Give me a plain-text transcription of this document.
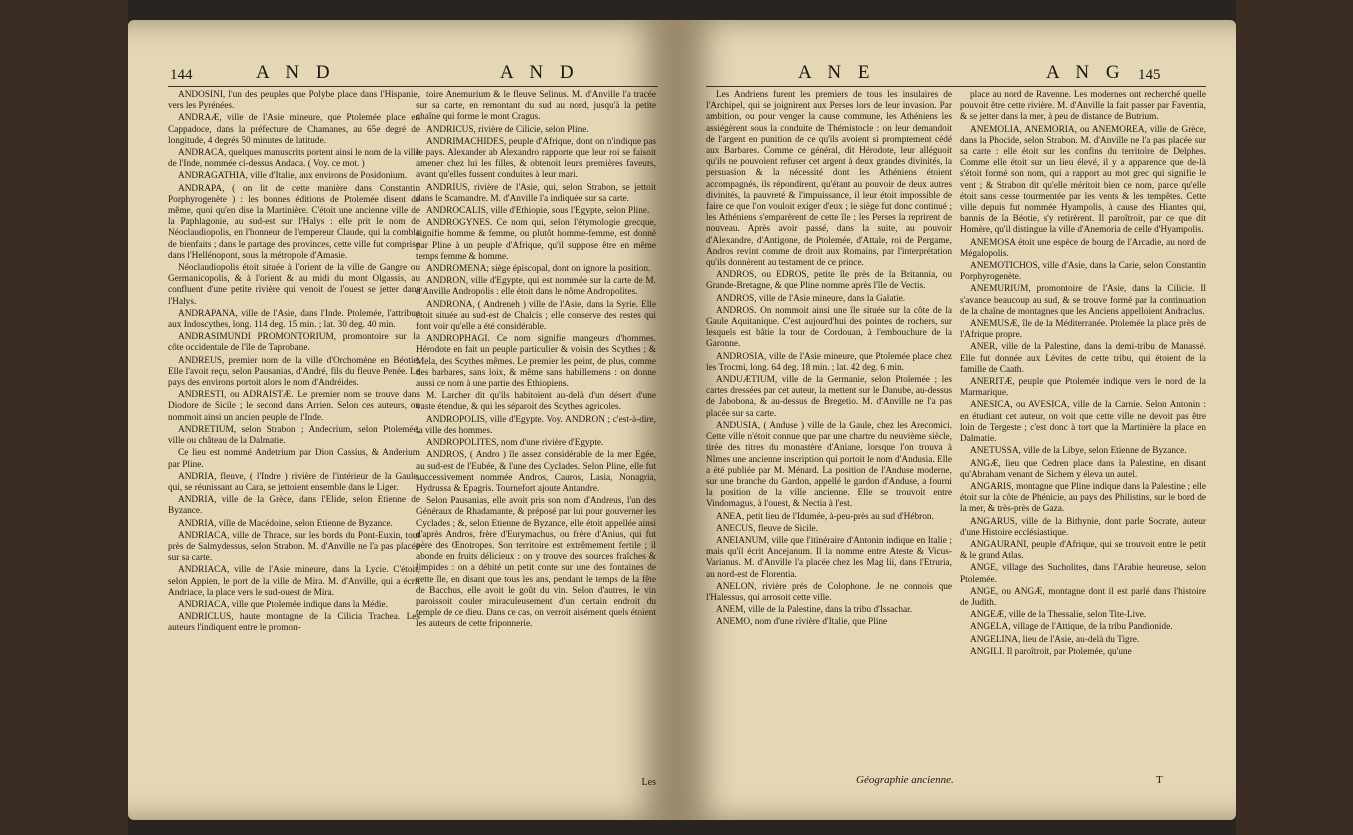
144	A N D	A N D

ANDOSINI, l'un des peuples que Polybe place dans l'Hispanie, vers les Pyrénées.

ANDRAÆ, ville de l'Asie mineure, que Ptolemée place en Cappadoce, dans la préfecture de Chamanes, au 65e degré de longitude, 4 degrés 50 minutes de latitude.

ANDRACA, quelques manuscrits portent ainsi le nom de la ville de l'Inde, nommée ci-dessus Andaca. ( Voy. ce mot. )

ANDRAGATHIA, ville d'Italie, aux environs de Posidonium.

ANDRAPA, ( on lit de cette manière dans Constantin Porphyrogenète ) : les bonnes éditions de Ptolemée disent de même, quoi qu'en dise la Martinière. C'étoit une ancienne ville de la Paphlagonie, au sud-est sur l'Halys : elle prit le nom de Néoclaudiopolis, en l'honneur de l'empereur Claude, qui la combla de bienfaits ; dans le partage des provinces, cette ville fut comprise dans l'Hellénopont, sous la métropole d'Amasie.

Néoclaudiopolis étoit située à l'orient de la ville de Gangre ou Germanicopolis, & à l'orient & au midi du mont Olgassis, au confluent d'une petite rivière qui venoit de l'ouest se jetter dans l'Halys.

ANDRAPANA, ville de l'Asie, dans l'Inde. Ptolemée, l'attribue aux Indoscythes, long. 114 deg. 15 min. ; lat. 30 deg. 40 min.

ANDRASIMUNDI PROMONTORIUM, promontoire sur la côte occidentale de l'île de Taprobane.

ANDREUS, premier nom de la ville d'Orchomène en Béotie. Elle l'avoit reçu, selon Pausanias, d'André, fils du fleuve Penée. Le pays des environs portoit alors le nom d'Andréides.

ANDRESTI, ou ADRAISTÆ. Le premier nom se trouve dans Diodore de Sicile ; le second dans Arrien. Selon ces auteurs, on nommoit ainsi un ancien peuple de l'Inde.

ANDRETIUM, selon Strabon ; Andecrium, selon Ptolemée, ville ou château de la Dalmatie.

Ce lieu est nommé Andetrium par Dion Cassius, & Anderium par Pline.

ANDRIA, fleuve, ( l'Indre ) rivière de l'intérieur de la Gaule, qui, se réunissant au Cara, se jettoient ensemble dans le Liger.

ANDRIA, ville de la Grèce, dans l'Elide, selon Etienne de Byzance.

ANDRIA, ville de Macédoine, selon Etienne de Byzance.

ANDRIACA, ville de Thrace, sur les bords du Pont-Euxin, tout près de Salmydessus, selon Strabon. M. d'Anville ne l'a pas placée sur sa carte.

ANDRIACA, ville de l'Asie mineure, dans la Lycie. C'étoit, selon Appien, le port de la ville de Mira. M. d'Anville, qui a écrit Andriace, la place vers le sud-ouest de Mira.

ANDRIACA, ville que Ptolemée indique dans la Médie.

ANDRICLUS, haute montagne de la Cilicia Trachea. Les auteurs l'indiquent entre le promon-

toire Anemurium & le fleuve Selinus. M. d'Anville l'a tracée sur sa carte, en remontant du sud au nord, jusqu'à la petite chaîne qui forme le mont Cragus.

ANDRICUS, rivière de Cilicie, selon Pline.

ANDRIMACHIDES, peuple d'Afrique, dont on n'indique pas le pays. Alexander ab Alexandro rapporte que leur roi se faisoit amener chez lui les filles, & obtenoit leurs premières faveurs, avant qu'elles fussent conduites à leur mari.

ANDRIUS, rivière de l'Asie, qui, selon Strabon, se jettoit dans le Scamandre. M. d'Anville l'a indiquée sur sa carte.

ANDROCALIS, ville d'Ethiopie, sous l'Egypte, selon Pline.

ANDROGYNES. Ce nom qui, selon l'étymologie grecque, signifie homme & femme, ou plutôt homme-femme, est donné par Pline à un peuple d'Afrique, qu'il suppose être en même temps femme & homme.

ANDROMENA; siège épiscopal, dont on ignore la position.

ANDRON, ville d'Egypte, qui est nommée sur la carte de M. d'Anville Andropolis : elle étoit dans le nôme Andropolites.

ANDRONA, ( Andreneh ) ville de l'Asie, dans la Syrie. Elle étoit située au sud-est de Chalcis ; elle conserve des restes qui font voir qu'elle a été considérable.

ANDROPHAGI. Ce nom signifie mangeurs d'hommes. Hérodote en fait un peuple particulier & voisin des Scythes ; & Mela, des Scythes mêmes. Le premier les peint, de plus, comme des barbares, sans loix, & même sans habillemens : on donne aussi ce nom à une partie des Ethiopiens.

M. Larcher dit qu'ils habitoient au-delà d'un désert d'une vaste étendue, & qui les séparoit des Scythes agricoles.

ANDROPOLIS, ville d'Egypte. Voy. ANDRON ; c'est-à-dire, la ville des hommes.

ANDROPOLITES, nom d'une rivière d'Egypte.

ANDROS, ( Andro ) île assez considérable de la mer Egée, au sud-est de l'Eubée, & l'une des Cyclades. Selon Pline, elle fut successivement nommée Andros, Cauros, Lasia, Nonagria, Hydrussa & Epagris. Tournefort ajoute Antandre.

Selon Pausanias, elle avoit pris son nom d'Andreus, l'un des Généraux de Rhadamante, & préposé par lui pour gouverner les Cyclades ; &, selon Etienne de Byzance, elle étoit appellée ainsi d'après Andros, frère d'Eurymachus, ou frère d'Anius, qui fut père des Œnotropes. Son territoire est extrêmement fertile ; il abonde en fruits délicieux : on y trouve des sources fraîches & limpides : on a débité un petit conte sur une des fontaines de cette île, en disant que tous les ans, pendant le temps de la fête de Bacchus, elle avoit le goût du vin. Selon d'autres, le vin paroissoit couler miraculeusement d'un certain endroit du temple de ce dieu. Dans ce cas, on verroit aisément quels étoient les auteurs de cette friponnerie.

Les
A N E	A N G 145

Les Andriens furent les premiers de tous les insulaires de l'Archipel, qui se joignirent aux Perses lors de leur invasion. Par ambition, ou pour venger la cause commune, les Athéniens les assiégèrent sous la conduite de Thémistocle : on leur demandoit de l'argent en punition de ce qu'ils avoient si promptement cédé aux Barbares. Comme ce général, dit Hérodote, leur alléguoit qu'ils ne pouvoient refuser cet argent à deux grandes divinités, la persuasion & la nécessité dont les Athéniens étoient accompagnés, ils répondirent, qu'étant au pouvoir de deux autres divinités, la pauvreté & l'impuissance, il leur étoit impossible de faire ce que l'on vouloit exiger d'eux ; le siège fut donc continué ; les Athéniens s'emparèrent de cette île ; les Perses la reprirent de nouveau. Après avoir passé, dans la suite, au pouvoir d'Alexandre, d'Antigone, de Ptolemée, d'Attale, roi de Pergame, Andros revint comme de droit aux Romains, par l'interprétation qu'ils donnèrent au testament de ce prince.

ANDROS, ou EDROS, petite île près de la Britannia, ou Grande-Bretagne, & que Pline nomme après l'île de Vectis.

ANDROS, ville de l'Asie mineure, dans la Galatie.

ANDROS. On nommoit ainsi une île située sur la côte de la Gaule Aquitanique. C'est aujourd'hui des pointes de rochers, sur lesquels est bâtie la tour de Cordouan, à l'embouchure de la Garonne.

ANDROSIA, ville de l'Asie mineure, que Ptolemée place chez les Trocmi, long. 64 deg. 18 min. ; lat. 42 deg. 6 min.

ANDUÆTIUM, ville de la Germanie, selon Ptolemée ; les cartes dressées par cet auteur, la mettent sur le Danube, au-dessus de Jabobona, & au-dessus de Bregetio. M. d'Anville ne l'a pas placée sur sa carte.

ANDUSIA, ( Anduse ) ville de la Gaule, chez les Arecomici. Cette ville n'étoit connue que par une chartre du neuvième siècle, tirée des titres du monastère d'Aniane, lorsque l'on trouva à Nîmes une ancienne inscription qui portoit le nom d'Andusia. Elle a été publiée par M. Ménard. La position de l'Anduse moderne, sur une branche du Gardon, appellé le gardon d'Anduse, a fourni la position de la ville ancienne. Elle se trouvoit entre Vindomagus, à l'ouest, & Nectia à l'est.

ANEA, petit lieu de l'Idumée, à-peu-près au sud d'Hébron.

ANECUS, fleuve de Sicile.

ANEIANUM, ville que l'itinéraire d'Antonin indique en Italie ; mais qu'il écrit Ancejanum. Il la nomme entre Ateste & Vicus-Varianus. M. d'Anville l'a placée chez les Mag lii, dans l'Etruria, au nord-est de Florentia.

ANELON, rivière près de Colophone. Je ne connois que l'Halessus, qui arrosoit cette ville.

ANEM, ville de la Palestine, dans la tribu d'Issachar.

ANEMO, nom d'une rivière d'Italie, que Pline

place au nord de Ravenne. Les modernes ont recherché quelle pouvoit être cette rivière. M. d'Anville la fait passer par Faventia, & se jetter dans la mer, à peu de distance de Butrium.

ANEMOLIA, ANEMORIA, ou ANEMOREA, ville de Grèce, dans la Phocide, selon Strabon. M. d'Anville ne l'a pas placée sur sa carte : elle étoit sur les confins du territoire de Delphes. Comme elle étoit sur un lieu élevé, il y a apparence que de-là s'étoit formé son nom, qui a rapport au mot grec qui signifie le vent ; & Strabon dit qu'elle méritoit bien ce nom, parce qu'elle étoit sans cesse tourmentée par les vents & les tempêtes. Cette ville depuis fut nommée Hyampolis, à cause des Hiantes qui, bannis de la Béotie, s'y retirèrent. Il paroîtroit, par ce que dit Homère, qu'il distingue la ville d'Anemoria de celle d'Hyampolis.

ANEMOSA étoit une espèce de bourg de l'Arcadie, au nord de Mégalopolis.

ANEMOTICHOS, ville d'Asie, dans la Carie, selon Constantin Porphyrogenète.

ANEMURIUM, promontoire de l'Asie, dans la Cilicie. Il s'avance beaucoup au sud, & se trouve formé par la continuation de la chaîne de montagnes que les Anciens appelloient Andraclus.

ANEMUSÆ, île de la Méditerranée. Ptolemée la place près de l'Afrique propre.

ANER, ville de la Palestine, dans la demi-tribu de Manassé. Elle fut donnée aux Lévites de cette tribu, qui étoient de la famille de Caath.

ANERITÆ, peuple que Ptolemée indique vers le nord de la Marmarique.

ANESICA, ou AVESICA, ville de la Carnie. Selon Antonin : en étudiant cet auteur, on voit que cette ville ne devoit pas être loin de Tergeste ; c'est donc à tort que la Martinière la place en Dalmatie.

ANETUSSA, ville de la Libye, selon Etienne de Byzance.

ANGÆ, lieu que Cedren place dans la Palestine, en disant qu'Abraham venant de Sichem y éleva un autel.

ANGARIS, montagne que Pline indique dans la Palestine ; elle étoit sur la côte de Phénicie, au pays des Philistins, sur le bord de la mer, & très-près de Gaza.

ANGARUS, ville de la Bithynie, dont parle Socrate, auteur d'une Histoire ecclésiastique.

ANGAURANI, peuple d'Afrique, qui se trouvoit entre le petit & le grand Atlas.

ANGE, village des Sucholites, dans l'Arabie heureuse, selon Ptolemée.

ANGE, ou ANGÆ, montagne dont il est parlé dans l'histoire de Judith.

ANGEÆ, ville de la Thessalie, selon Tite-Live.

ANGELA, village de l'Attique, de la tribu Pandionide.

ANGELINA, lieu de l'Asie, au-delà du Tigre.

ANGILI. Il paroîtroit, par Ptolemée, qu'une

Géographie ancienne.	T
